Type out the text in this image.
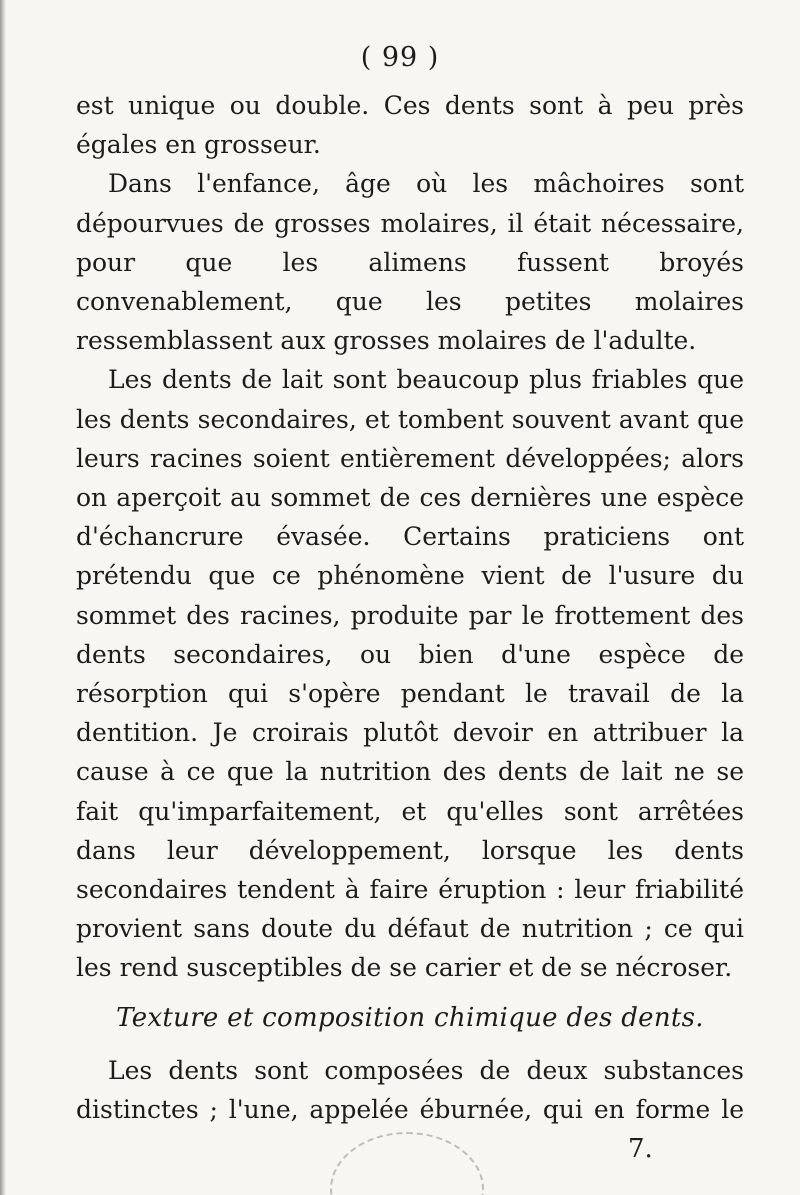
( 99 )

est unique ou double. Ces dents sont à peu près égales en grosseur.

Dans l'enfance, âge où les mâchoires sont dépourvues de grosses molaires, il était nécessaire, pour que les alimens fussent broyés convenablement, que les petites molaires ressemblassent aux grosses molaires de l'adulte.

Les dents de lait sont beaucoup plus friables que les dents secondaires, et tombent souvent avant que leurs racines soient entièrement développées; alors on aperçoit au sommet de ces dernières une espèce d'échancrure évasée. Certains praticiens ont prétendu que ce phénomène vient de l'usure du sommet des racines, produite par le frottement des dents secondaires, ou bien d'une espèce de résorption qui s'opère pendant le travail de la dentition. Je croirais plutôt devoir en attribuer la cause à ce que la nutrition des dents de lait ne se fait qu'imparfaitement, et qu'elles sont arrêtées dans leur développement, lorsque les dents secondaires tendent à faire éruption : leur friabilité provient sans doute du défaut de nutrition ; ce qui les rend susceptibles de se carier et de se nécroser.

Texture et composition chimique des dents.

Les dents sont composées de deux substances distinctes ; l'une, appelée éburnée, qui en forme le

7.
